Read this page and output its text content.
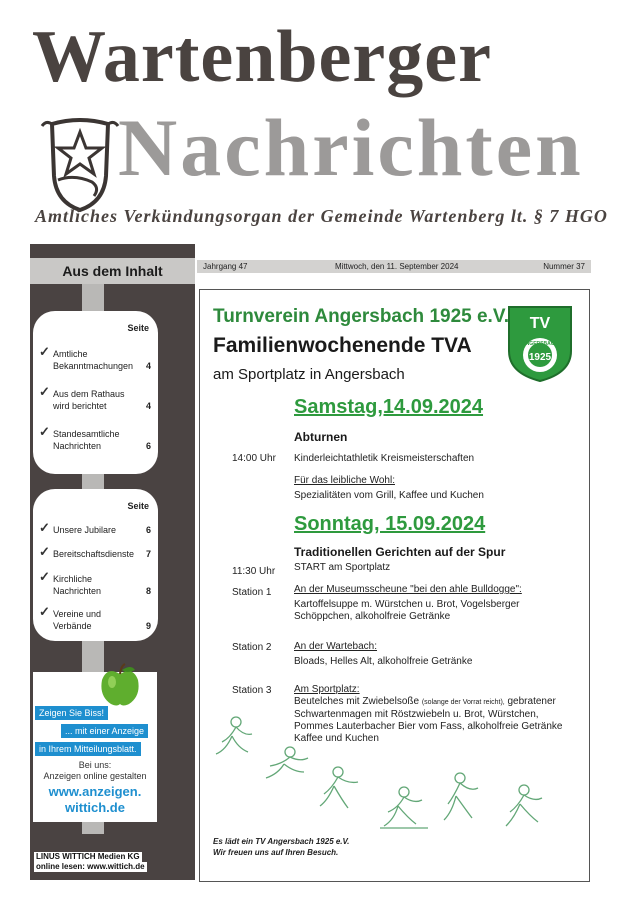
Wartenberger
Nachrichten
Amtliches Verkündungsorgan der Gemeinde Wartenberg lt. § 7 HGO
Aus dem Inhalt
Seite
✓ Amtliche Bekanntmachungen 4
✓ Aus dem Rathaus wird berichtet	4
✓ Standesamtliche Nachrichten	6
Seite
✓ Unsere Jubilare	6
✓ Bereitschaftsdienste	7
✓ Kirchliche Nachrichten	8
✓ Vereine und Verbände	9
Zeigen Sie Biss!
... mit einer Anzeige
in Ihrem Mitteilungsblatt.
Bei uns:
Anzeigen online gestalten
www.anzeigen.
wittich.de
LINUS WITTICH Medien KG
online lesen: www.wittich.de
Jahrgang 47	Mittwoch, den 11. September 2024	Nummer 37
Turnverein Angersbach 1925 e.V.
Familienwochenende TVA
am Sportplatz in Angersbach
TV
ANGERSBACH
1925
Samstag,14.09.2024
Abturnen
14:00 Uhr Kinderleichtathletik Kreismeisterschaften
Für das leibliche Wohl:
Spezialitäten vom Grill, Kaffee und Kuchen
Sonntag, 15.09.2024
Traditionellen Gerichten auf der Spur
11:30 Uhr START am Sportplatz
Station 1 An der Museumsscheune "bei den ahle Bulldogge":
Kartoffelsuppe m. Würstchen u. Brot, Vogelsberger Schöppchen, alkoholfreie Getränke
Station 2 An der Wartebach:
Bloads, Helles Alt, alkoholfreie Getränke
Station 3 Am Sportplatz:
Beutelches mit Zwiebelsoße (solange der Vorrat reicht), gebratener Schwartenmagen mit Röstzwiebeln u. Brot, Würstchen, Pommes Lauterbacher Bier vom Fass, alkoholfreie Getränke Kaffee und Kuchen
Es lädt ein TV Angersbach 1925 e.V.
Wir freuen uns auf Ihren Besuch.
